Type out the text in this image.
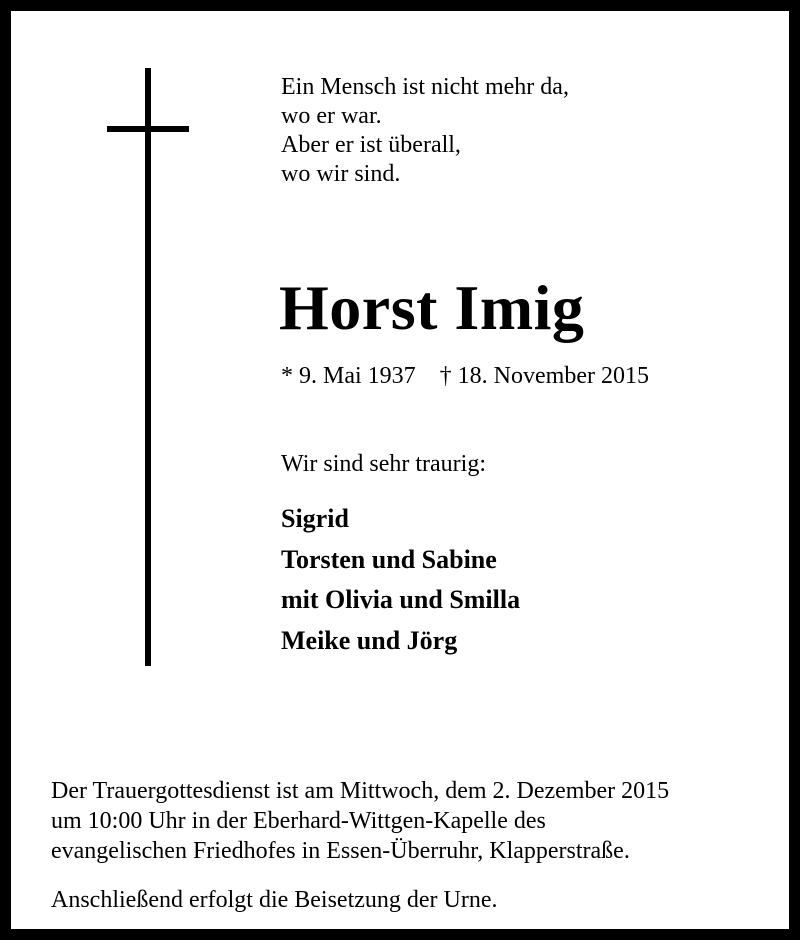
Ein Mensch ist nicht mehr da,
wo er war.
Aber er ist überall,
wo wir sind.
Horst Imig
* 9. Mai 1937 † 18. November 2015
Wir sind sehr traurig:
Sigrid
Torsten und Sabine
mit Olivia und Smilla
Meike und Jörg
Der Trauergottesdienst ist am Mittwoch, dem 2. Dezember 2015
um 10:00 Uhr in der Eberhard-Wittgen-Kapelle des
evangelischen Friedhofes in Essen-Überruhr, Klapperstraße.
Anschließend erfolgt die Beisetzung der Urne.
